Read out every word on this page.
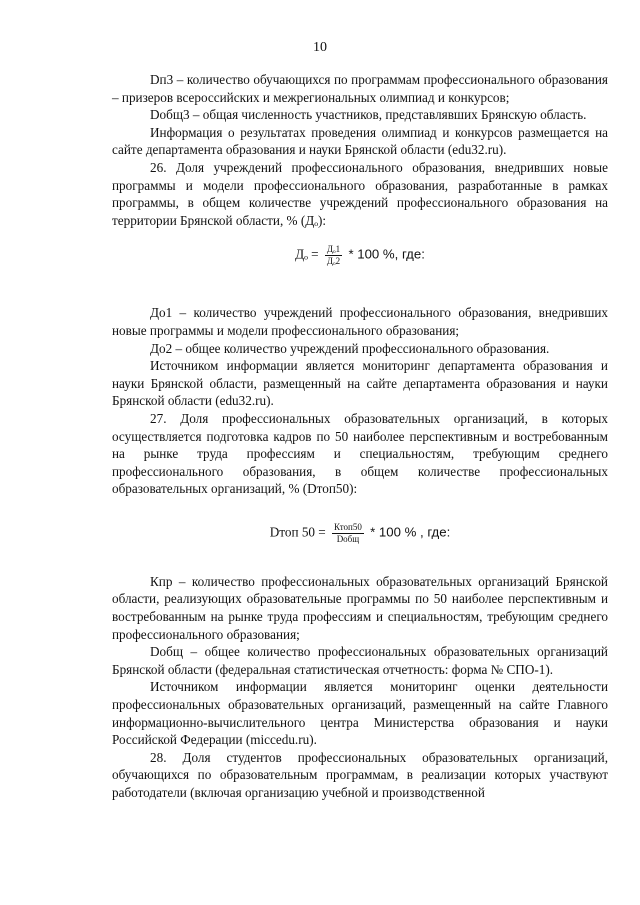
10

Dп3 – количество обучающихся по программам профессионального образования – призеров всероссийских и межрегиональных олимпиад и конкурсов;

Dобщ3 – общая численность участников, представлявших Брянскую область.

Информация о результатах проведения олимпиад и конкурсов размещается на сайте департамента образования и науки Брянской области (edu32.ru).

26. Доля учреждений профессионального образования, внедривших новые программы и модели профессионального образования, разработанные в рамках программы, в общем количестве учреждений профессионального образования на территории Брянской области, % (Дₒ):

$Д_o = \frac{\text{Дₒ1}}{\text{Дₒ2}} * 100$ %, где:

До1 – количество учреждений профессионального образования, внедривших новые программы и модели профессионального образования;

До2 – общее количество учреждений профессионального образования.

Источником информации является мониторинг департамента образования и науки Брянской области, размещенный на сайте департамента образования и науки Брянской области (edu32.ru).

27. Доля профессиональных образовательных организаций, в которых осуществляется подготовка кадров по 50 наиболее перспективным и востребованным на рынке труда профессиям и специальностям, требующим среднего профессионального образования, в общем количестве профессиональных образовательных организаций, % (Dтоп50):

Dтоп $50 = \frac{\text{Ктоп50}}{\text{Dобщ}} * 100$ % , где:

Кпр – количество профессиональных образовательных организаций Брянской области, реализующих образовательные программы по 50 наиболее перспективным и востребованным на рынке труда профессиям и специальностям, требующим среднего профессионального образования;

Dобщ – общее количество профессиональных образовательных организаций Брянской области (федеральная статистическая отчетность: форма № СПО-1).

Источником информации является мониторинг оценки деятельности профессиональных образовательных организаций, размещенный на сайте Главного информационно-вычислительного центра Министерства образования и науки Российской Федерации (miccedu.ru).

28. Доля студентов профессиональных образовательных организаций, обучающихся по образовательным программам, в реализации которых участвуют работодатели (включая организацию учебной и производственной
